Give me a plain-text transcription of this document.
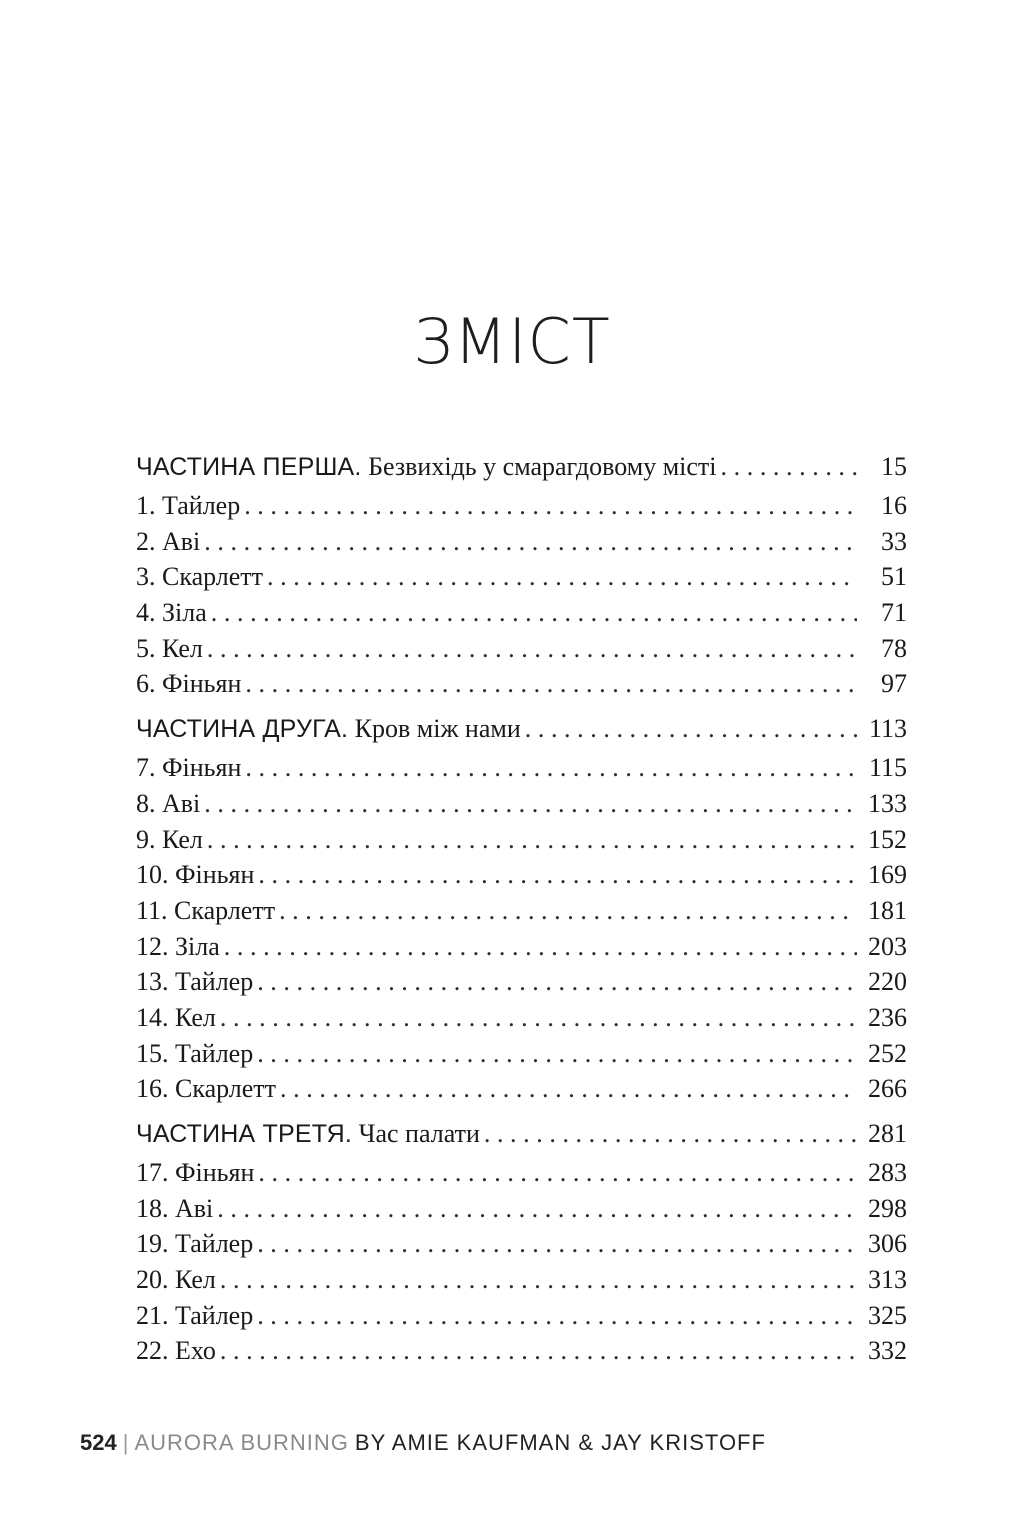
ЗМІСТ
ЧАСТИНА ПЕРША. Безвихідь у смарагдовому місті .....	15
1. Тайлер .....	16
2. Аві .....	33
3. Скарлетт .....	51
4. Зіла .....	71
5. Кел .....	78
6. Фіньян .....	97
ЧАСТИНА ДРУГА. Кров між нами .....	113
7. Фіньян .....	115
8. Аві .....	133
9. Кел .....	152
10. Фіньян .....	169
11. Скарлетт .....	181
12. Зіла .....	203
13. Тайлер .....	220
14. Кел .....	236
15. Тайлер .....	252
16. Скарлетт .....	266
ЧАСТИНА ТРЕТЯ. Час палати .....	281
17. Фіньян .....	283
18. Аві .....	298
19. Тайлер .....	306
20. Кел .....	313
21. Тайлер .....	325
22. Ехо .....	332
524 | AURORA BURNING BY AMIE KAUFMAN & JAY KRISTOFF
